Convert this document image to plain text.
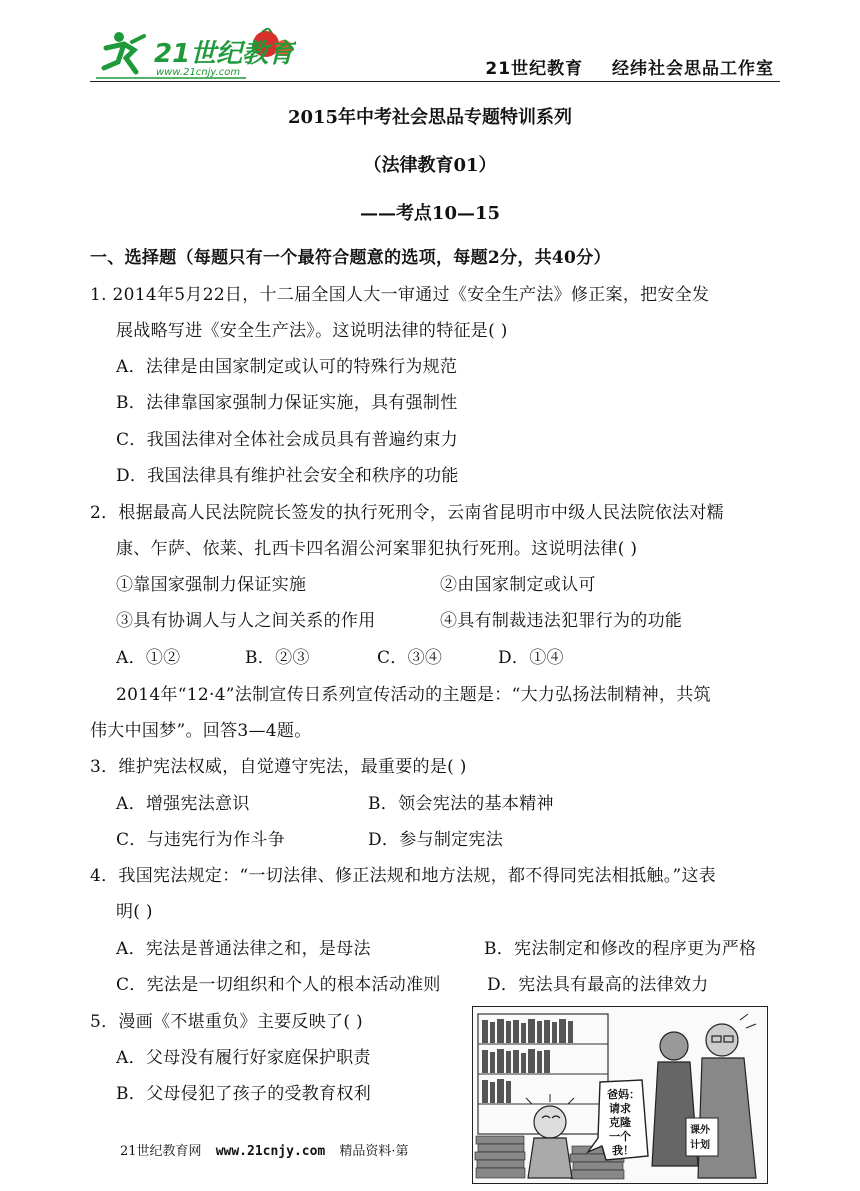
21世纪教育
www.21cnjy.com	21世纪教育 经纬社会思品工作室
2015年中考社会思品专题特训系列
（法律教育01）
——考点10—15
一、选择题（每题只有一个最符合题意的选项，每题2分，共40分）
1. 2014年5月22日，十二届全国人大一审通过《安全生产法》修正案，把安全发
展战略写进《安全生产法》。这说明法律的特征是( )
A．法律是由国家制定或认可的特殊行为规范
B．法律靠国家强制力保证实施，具有强制性
C．我国法律对全体社会成员具有普遍约束力
D．我国法律具有维护社会安全和秩序的功能
2．根据最高人民法院院长签发的执行死刑令，云南省昆明市中级人民法院依法对糯
康、乍萨、依莱、扎西卡四名湄公河案罪犯执行死刑。这说明法律( )
①靠国家强制力保证实施	②由国家制定或认可
③具有协调人与人之间关系的作用	④具有制裁违法犯罪行为的功能
A．①②	B．②③	C．③④	D．①④
2014年“12·4”法制宣传日系列宣传活动的主题是：“大力弘扬法制精神，共筑
伟大中国梦”。回答3—4题。
3．维护宪法权威，自觉遵守宪法，最重要的是( )
A．增强宪法意识	B．领会宪法的基本精神
C．与违宪行为作斗争	D．参与制定宪法
4．我国宪法规定：“一切法律、修正法规和地方法规，都不得同宪法相抵触。”这表
明( )
A．宪法是普通法律之和，是母法	B．宪法制定和修改的程序更为严格
C．宪法是一切组织和个人的根本活动准则	D．宪法具有最高的法律效力
5．漫画《不堪重负》主要反映了( )
A．父母没有履行好家庭保护职责
B．父母侵犯了孩子的受教育权利	爸妈：
请求
克隆
一个
我！
课外
计划
21世纪教育网 www.21cnjy.com 精品资料·第
